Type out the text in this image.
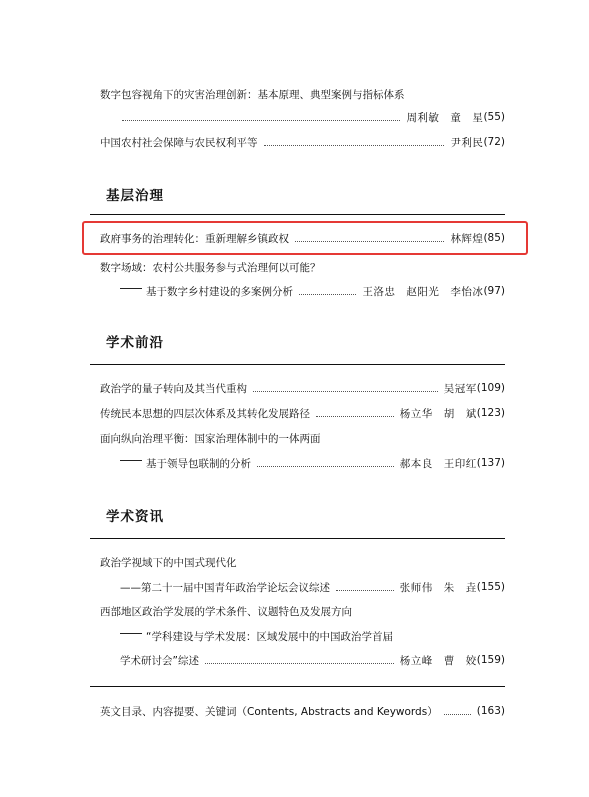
数字包容视角下的灾害治理创新：基本原理、典型案例与指标体系
周利敏　童　星 (55)
中国农村社会保障与农民权利平等	尹利民 (72)
基层治理
政府事务的治理转化：重新理解乡镇政权	林辉煌 (85)
数字场域：农村公共服务参与式治理何以可能？
基于数字乡村建设的多案例分析	王洛忠　赵阳光　李怡冰 (97)
学术前沿
政治学的量子转向及其当代重构	吴冠军 (109)
传统民本思想的四层次体系及其转化发展路径	杨立华　胡　斌 (123)
面向纵向治理平衡：国家治理体制中的一体两面
基于领导包联制的分析	郝本良　王印红 (137)
学术资讯
政治学视域下的中国式现代化
——第二十一届中国青年政治学论坛会议综述	张师伟　朱　垚 (155)
西部地区政治学发展的学术条件、议题特色及发展方向
“学科建设与学术发展：区域发展中的中国政治学首届
学术研讨会”综述	杨立峰　曹　姣 (159)
英文目录、内容提要、关键词（Contents, Abstracts and Keywords）	(163)
